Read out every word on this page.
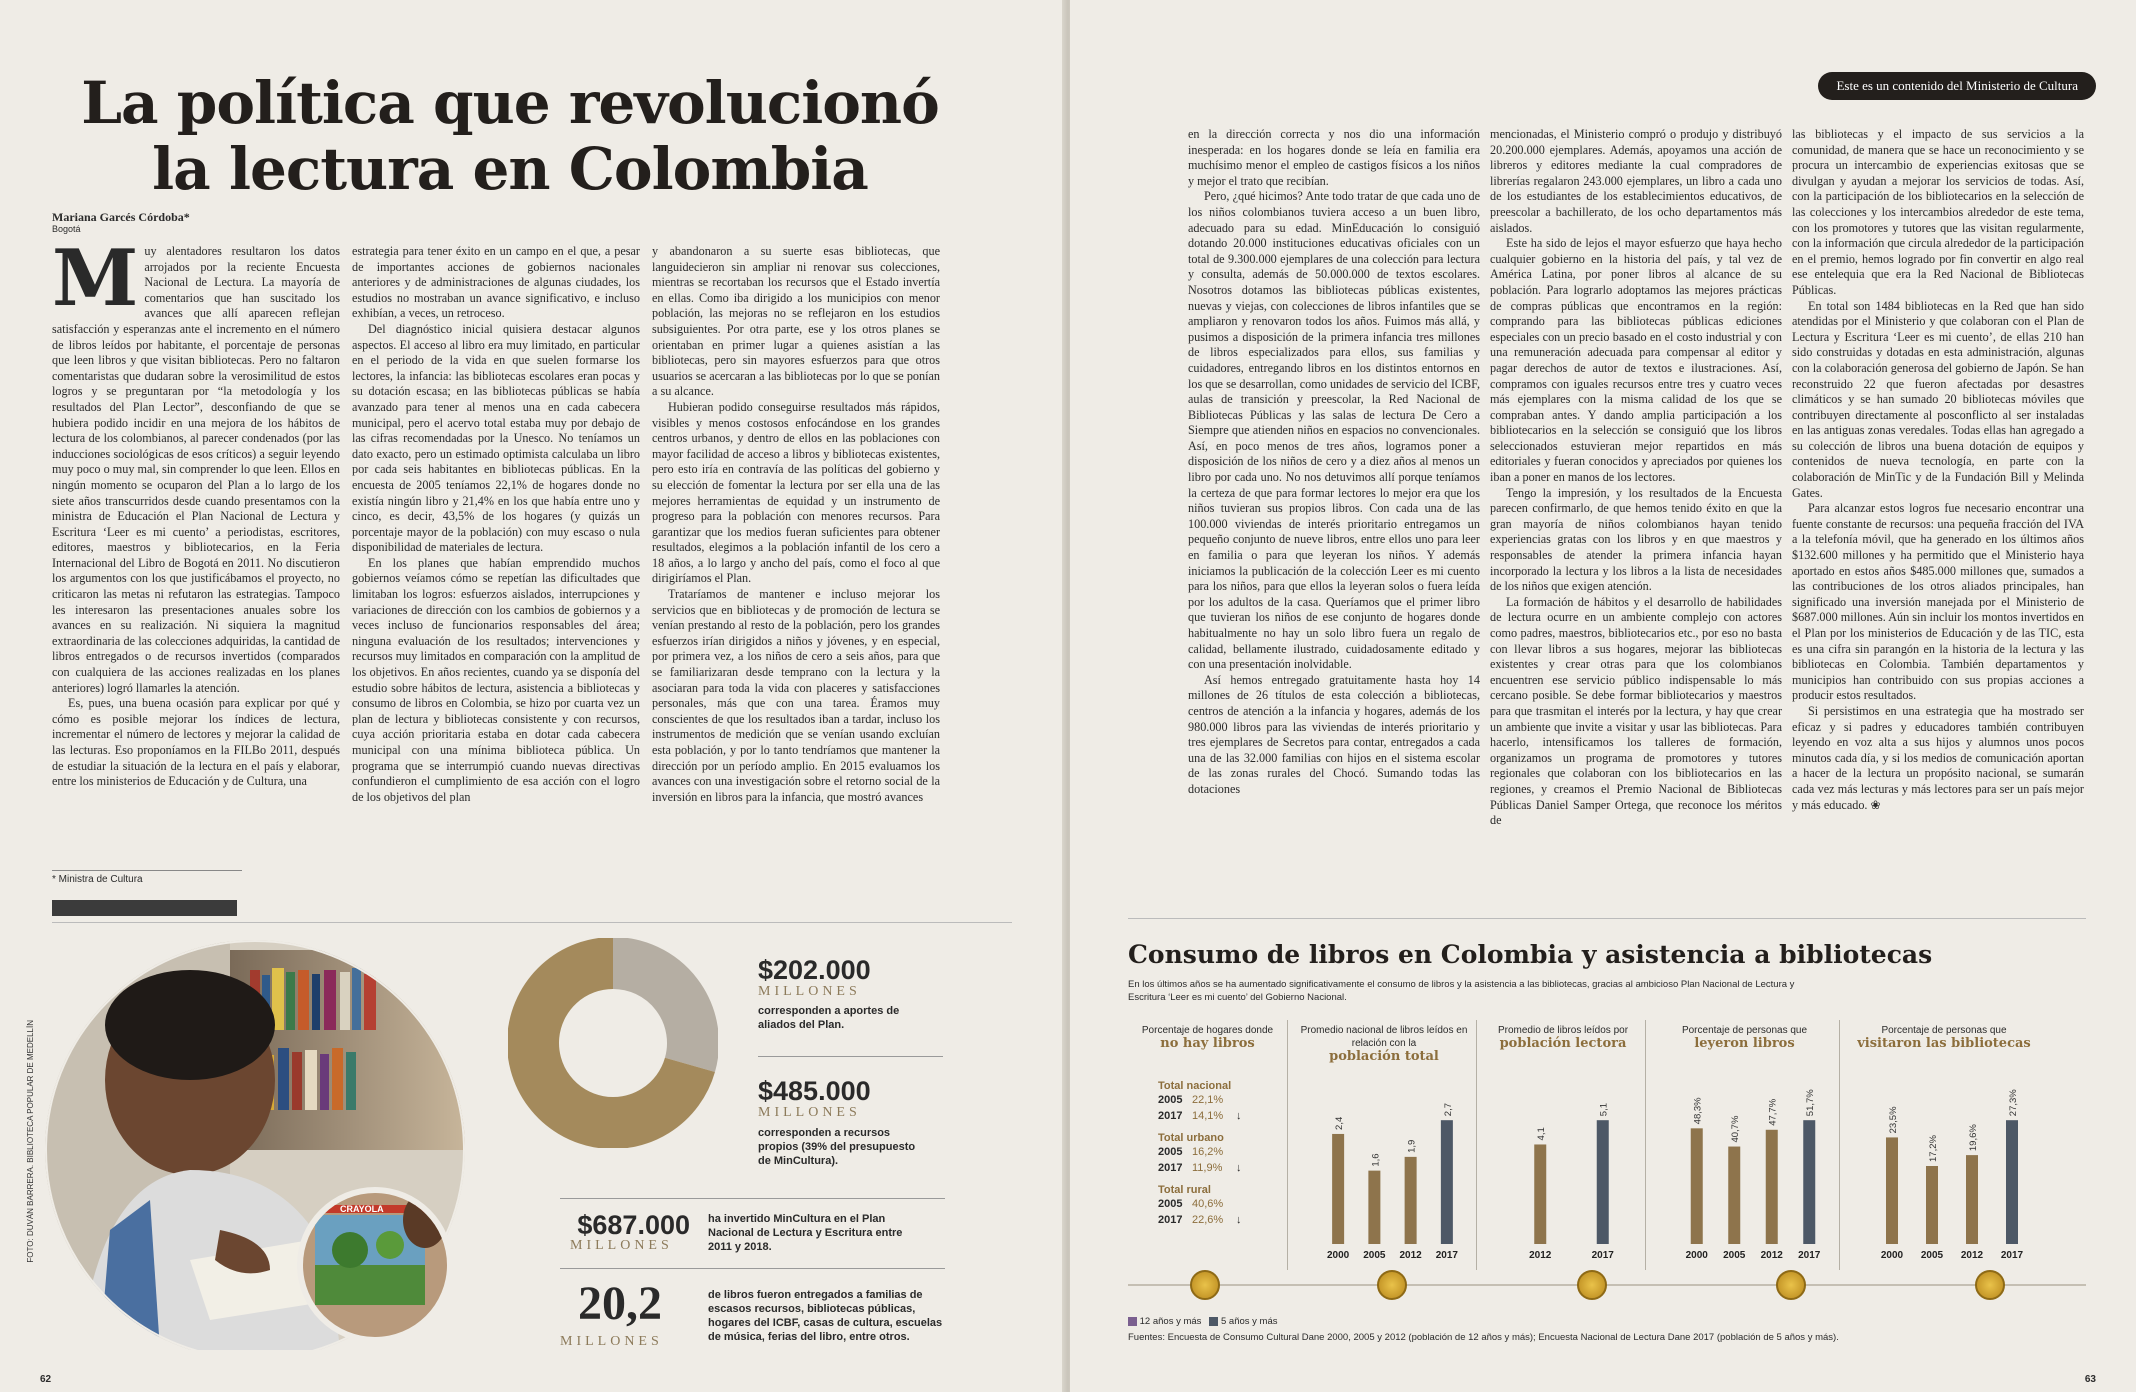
La política que revolucionó
la lectura en Colombia
Mariana Garcés Córdoba*
Bogotá
M uy alentadores resultaron los datos arrojados por la reciente Encuesta Nacional de Lectura. La mayoría de comentarios que han suscitado los avances que allí aparecen reflejan satisfacción y esperanzas ante el incremento en el número de libros leídos por habitante, el porcentaje de personas que leen libros y que visitan bibliotecas. Pero no faltaron comentaristas que dudaran sobre la verosimilitud de estos logros y se preguntaran por “la metodología y los resultados del Plan Lector”, desconfiando de que se hubiera podido incidir en una mejora de los hábitos de lectura de los colombianos, al parecer condenados (por las inducciones sociológicas de esos críticos) a seguir leyendo muy poco o muy mal, sin comprender lo que leen. Ellos en ningún momento se ocuparon del Plan a lo largo de los siete años transcurridos desde cuando presentamos con la ministra de Educación el Plan Nacional de Lectura y Escritura ‘Leer es mi cuento’ a periodistas, escritores, editores, maestros y bibliotecarios, en la Feria Internacional del Libro de Bogotá en 2011. No discutieron los argumentos con los que justificábamos el proyecto, no criticaron las metas ni refutaron las estrategias. Tampoco les interesaron las presentaciones anuales sobre los avances en su realización. Ni siquiera la magnitud extraordinaria de las colecciones adquiridas, la cantidad de libros entregados o de recursos invertidos (comparados con cualquiera de las acciones realizadas en los planes anteriores) logró llamarles la atención.

Es, pues, una buena ocasión para explicar por qué y cómo es posible mejorar los índices de lectura, incrementar el número de lectores y mejorar la calidad de las lecturas. Eso proponíamos en la FILBo 2011, después de estudiar la situación de la lectura en el país y elaborar, entre los ministerios de Educación y de Cultura, una

estrategia para tener éxito en un campo en el que, a pesar de importantes acciones de gobiernos nacionales anteriores y de administraciones de algunas ciudades, los estudios no mostraban un avance significativo, e incluso exhibían, a veces, un retroceso.

Del diagnóstico inicial quisiera destacar algunos aspectos. El acceso al libro era muy limitado, en particular en el periodo de la vida en que suelen formarse los lectores, la infancia: las bibliotecas escolares eran pocas y su dotación escasa; en las bibliotecas públicas se había avanzado para tener al menos una en cada cabecera municipal, pero el acervo total estaba muy por debajo de las cifras recomendadas por la Unesco. No teníamos un dato exacto, pero un estimado optimista calculaba un libro por cada seis habitantes en bibliotecas públicas. En la encuesta de 2005 teníamos 22,1% de hogares donde no existía ningún libro y 21,4% en los que había entre uno y cinco, es decir, 43,5% de los hogares (y quizás un porcentaje mayor de la población) con muy escaso o nula disponibilidad de materiales de lectura.

En los planes que habían emprendido muchos gobiernos veíamos cómo se repetían las dificultades que limitaban los logros: esfuerzos aislados, interrupciones y variaciones de dirección con los cambios de gobiernos y a veces incluso de funcionarios responsables del área; ninguna evaluación de los resultados; intervenciones y recursos muy limitados en comparación con la amplitud de los objetivos. En años recientes, cuando ya se disponía del estudio sobre hábitos de lectura, asistencia a bibliotecas y consumo de libros en Colombia, se hizo por cuarta vez un plan de lectura y bibliotecas consistente y con recursos, cuya acción prioritaria estaba en dotar cada cabecera municipal con una mínima biblioteca pública. Un programa que se interrumpió cuando nuevas directivas confundieron el cumplimiento de esa acción con el logro de los objetivos del plan

y abandonaron a su suerte esas bibliotecas, que languidecieron sin ampliar ni renovar sus colecciones, mientras se recortaban los recursos que el Estado invertía en ellas. Como iba dirigido a los municipios con menor población, las mejoras no se reflejaron en los estudios subsiguientes. Por otra parte, ese y los otros planes se orientaban en primer lugar a quienes asistían a las bibliotecas, pero sin mayores esfuerzos para que otros usuarios se acercaran a las bibliotecas por lo que se ponían a su alcance.

Hubieran podido conseguirse resultados más rápidos, visibles y menos costosos enfocándose en los grandes centros urbanos, y dentro de ellos en las poblaciones con mayor facilidad de acceso a libros y bibliotecas existentes, pero esto iría en contravía de las políticas del gobierno y su elección de fomentar la lectura por ser ella una de las mejores herramientas de equidad y un instrumento de progreso para la población con menores recursos. Para garantizar que los medios fueran suficientes para obtener resultados, elegimos a la población infantil de los cero a 18 años, a lo largo y ancho del país, como el foco al que dirigiríamos el Plan.

Trataríamos de mantener e incluso mejorar los servicios que en bibliotecas y de promoción de lectura se venían prestando al resto de la población, pero los grandes esfuerzos irían dirigidos a niños y jóvenes, y en especial, por primera vez, a los niños de cero a seis años, para que se familiarizaran desde temprano con la lectura y la asociaran para toda la vida con placeres y satisfacciones personales, más que con una tarea. Éramos muy conscientes de que los resultados iban a tardar, incluso los instrumentos de medición que se venían usando excluían esta población, y por lo tanto tendríamos que mantener la dirección por un período amplio. En 2015 evaluamos los avances con una investigación sobre el retorno social de la inversión en libros para la infancia, que mostró avances

* Ministra de Cultura
FOTO: DUVÁN BARRERA. BIBLIOTECA POPULAR DE MEDELLÍN	CRAYOLA
$202.000
MILLONES
corresponden a aportes de aliados del Plan.
$485.000
MILLONES
corresponden a recursos propios (39% del presupuesto de MinCultura).
$687.000
MILLONES
ha invertido MinCultura en el Plan Nacional de Lectura y Escritura entre 2011 y 2018.
20,2
MILLONES
de libros fueron entregados a familias de escasos recursos, bibliotecas públicas, hogares del ICBF, casas de cultura, escuelas de música, ferias del libro, entre otros.
62
Este es un contenido del Ministerio de Cultura

en la dirección correcta y nos dio una información inesperada: en los hogares donde se leía en familia era muchísimo menor el empleo de castigos físicos a los niños y mejor el trato que recibían.

Pero, ¿qué hicimos? Ante todo tratar de que cada uno de los niños colombianos tuviera acceso a un buen libro, adecuado para su edad. MinEducación lo consiguió dotando 20.000 instituciones educativas oficiales con un total de 9.300.000 ejemplares de una colección para lectura y consulta, además de 50.000.000 de textos escolares. Nosotros dotamos las bibliotecas públicas existentes, nuevas y viejas, con colecciones de libros infantiles que se ampliaron y renovaron todos los años. Fuimos más allá, y pusimos a disposición de la primera infancia tres millones de libros especializados para ellos, sus familias y cuidadores, entregando libros en los distintos entornos en los que se desarrollan, como unidades de servicio del ICBF, aulas de transición y preescolar, la Red Nacional de Bibliotecas Públicas y las salas de lectura De Cero a Siempre que atienden niños en espacios no convencionales. Así, en poco menos de tres años, logramos poner a disposición de los niños de cero y a diez años al menos un libro por cada uno. No nos detuvimos allí porque teníamos la certeza de que para formar lectores lo mejor era que los niños tuvieran sus propios libros. Con cada una de las 100.000 viviendas de interés prioritario entregamos un pequeño conjunto de nueve libros, entre ellos uno para leer en familia o para que leyeran los niños. Y además iniciamos la publicación de la colección Leer es mi cuento para los niños, para que ellos la leyeran solos o fuera leída por los adultos de la casa. Queríamos que el primer libro que tuvieran los niños de ese conjunto de hogares donde habitualmente no hay un solo libro fuera un regalo de calidad, bellamente ilustrado, cuidadosamente editado y con una presentación inolvidable.

Así hemos entregado gratuitamente hasta hoy 14 millones de 26 títulos de esta colección a bibliotecas, centros de atención a la infancia y hogares, además de los 980.000 libros para las viviendas de interés prioritario y tres ejemplares de Secretos para contar, entregados a cada una de las 32.000 familias con hijos en el sistema escolar de las zonas rurales del Chocó. Sumando todas las dotaciones

mencionadas, el Ministerio compró o produjo y distribuyó 20.200.000 ejemplares. Además, apoyamos una acción de libreros y editores mediante la cual compradores de librerías regalaron 243.000 ejemplares, un libro a cada uno de los estudiantes de los establecimientos educativos, de preescolar a bachillerato, de los ocho departamentos más aislados.

Este ha sido de lejos el mayor esfuerzo que haya hecho cualquier gobierno en la historia del país, y tal vez de América Latina, por poner libros al alcance de su población. Para lograrlo adoptamos las mejores prácticas de compras públicas que encontramos en la región: comprando para las bibliotecas públicas ediciones especiales con un precio basado en el costo industrial y con una remuneración adecuada para compensar al editor y pagar derechos de autor de textos e ilustraciones. Así, compramos con iguales recursos entre tres y cuatro veces más ejemplares con la misma calidad de los que se compraban antes. Y dando amplia participación a los bibliotecarios en la selección se consiguió que los libros seleccionados estuvieran mejor repartidos en más editoriales y fueran conocidos y apreciados por quienes los iban a poner en manos de los lectores.

Tengo la impresión, y los resultados de la Encuesta parecen confirmarlo, de que hemos tenido éxito en que la gran mayoría de niños colombianos hayan tenido experiencias gratas con los libros y en que maestros y responsables de atender la primera infancia hayan incorporado la lectura y los libros a la lista de necesidades de los niños que exigen atención.

La formación de hábitos y el desarrollo de habilidades de lectura ocurre en un ambiente complejo con actores como padres, maestros, bibliotecarios etc., por eso no basta con llevar libros a sus hogares, mejorar las bibliotecas existentes y crear otras para que los colombianos encuentren ese servicio público indispensable lo más cercano posible. Se debe formar bibliotecarios y maestros para que trasmitan el interés por la lectura, y hay que crear un ambiente que invite a visitar y usar las bibliotecas. Para hacerlo, intensificamos los talleres de formación, organizamos un programa de promotores y tutores regionales que colaboran con los bibliotecarios en las regiones, y creamos el Premio Nacional de Bibliotecas Públicas Daniel Samper Ortega, que reconoce los méritos de

las bibliotecas y el impacto de sus servicios a la comunidad, de manera que se hace un reconocimiento y se procura un intercambio de experiencias exitosas que se divulgan y ayudan a mejorar los servicios de todas. Así, con la participación de los bibliotecarios en la selección de las colecciones y los intercambios alrededor de este tema, con los promotores y tutores que las visitan regularmente, con la información que circula alrededor de la participación en el premio, hemos logrado por fin convertir en algo real ese entelequia que era la Red Nacional de Bibliotecas Públicas.

En total son 1484 bibliotecas en la Red que han sido atendidas por el Ministerio y que colaboran con el Plan de Lectura y Escritura ‘Leer es mi cuento’, de ellas 210 han sido construidas y dotadas en esta administración, algunas con la colaboración generosa del gobierno de Japón. Se han reconstruido 22 que fueron afectadas por desastres climáticos y se han sumado 20 bibliotecas móviles que contribuyen directamente al posconflicto al ser instaladas en las antiguas zonas veredales. Todas ellas han agregado a su colección de libros una buena dotación de equipos y contenidos de nueva tecnología, en parte con la colaboración de MinTic y de la Fundación Bill y Melinda Gates.

Para alcanzar estos logros fue necesario encontrar una fuente constante de recursos: una pequeña fracción del IVA a la telefonía móvil, que ha generado en los últimos años $132.600 millones y ha permitido que el Ministerio haya aportado en estos años $485.000 millones que, sumados a las contribuciones de los otros aliados principales, han significado una inversión manejada por el Ministerio de $687.000 millones. Aún sin incluir los montos invertidos en el Plan por los ministerios de Educación y de las TIC, esta es una cifra sin parangón en la historia de la lectura y las bibliotecas en Colombia. También departamentos y municipios han contribuido con sus propias acciones a producir estos resultados.

Si persistimos en una estrategia que ha mostrado ser eficaz y si padres y educadores también contribuyen leyendo en voz alta a sus hijos y alumnos unos pocos minutos cada día, y si los medios de comunicación aportan a hacer de la lectura un propósito nacional, se sumarán cada vez más lecturas y más lectores para ser un país mejor y más educado. ❀

Consumo de libros en Colombia y asistencia a bibliotecas
En los últimos años se ha aumentado significativamente el consumo de libros y la asistencia a las bibliotecas, gracias al ambicioso Plan Nacional de Lectura y Escritura ‘Leer es mi cuento’ del Gobierno Nacional.
Porcentaje de hogares donde
no hay libros
Total nacional
2005 22,1%
2017 14,1% ↓
Total urbano
2005 16,2%
2017 11,9% ↓
Total rural
2005 40,6%
2017 22,6% ↓
Promedio nacional de libros leídos en relación con la
población total
2,4
2000
1,6
2005
1,9
2012
2,7
2017
Promedio de libros leídos por
población lectora
4,1
2012
5,1
2017
Porcentaje de personas que
leyeron libros
48,3%
2000
40,7%
2005
47,7%
2012
51,7%
2017
Porcentaje de personas que
visitaron las bibliotecas
23,5%
2000
17,2%
2005
19,6%
2012
27,3%
2017
12 años y más 5 años y más
Fuentes: Encuesta de Consumo Cultural Dane 2000, 2005 y 2012 (población de 12 años y más); Encuesta Nacional de Lectura Dane 2017 (población de 5 años y más).
63
